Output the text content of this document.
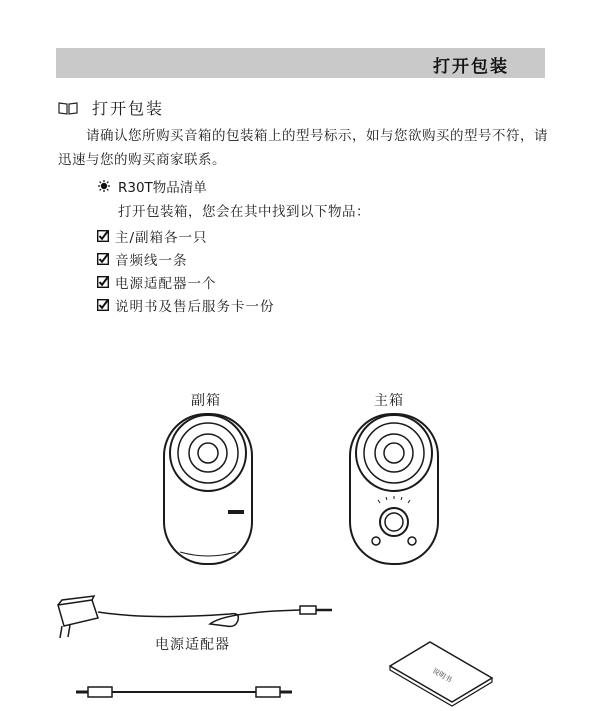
打开包装
打开包装
请确认您所购买音箱的包装箱上的型号标示，如与您欲购买的型号不符，请迅速与您的购买商家联系。
R30T物品清单
打开包装箱，您会在其中找到以下物品：
主/副箱各一只
音频线一条
电源适配器一个
说明书及售后服务卡一份
副箱	主箱
电源适配器
说明书
